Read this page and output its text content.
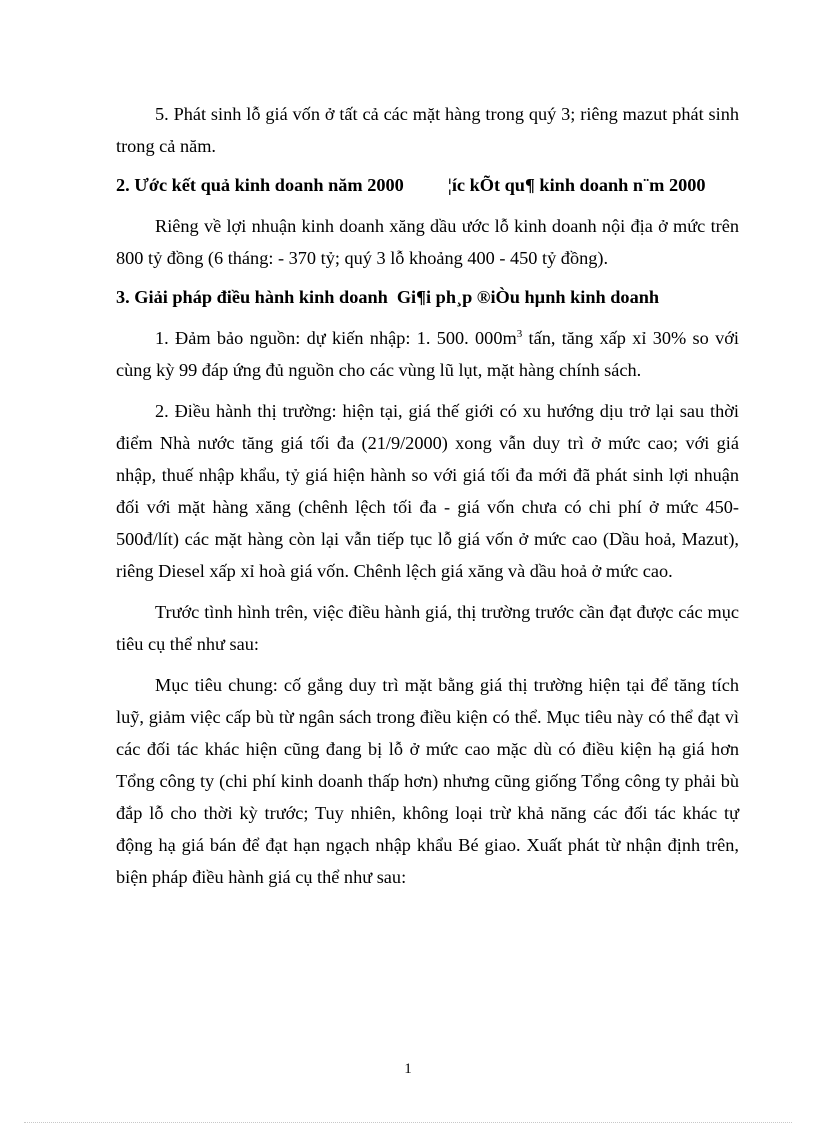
5. Phát sinh lỗ giá vốn ở tất cả các mặt hàng trong quý 3; riêng mazut phát sinh trong cả năm.

2. Ước kết quả kinh doanh năm 2000 ¦íc kÕt qu¶ kinh doanh n¨m 2000

Riêng về lợi nhuận kinh doanh xăng dầu ước lỗ kinh doanh nội địa ở mức trên 800 tỷ đồng (6 tháng: - 370 tỷ; quý 3 lỗ khoảng 400 - 450 tỷ đồng).

3. Giải pháp điều hành kinh doanh Gi¶i ph¸p ®iÒu hµnh kinh doanh

1. Đảm bảo nguồn: dự kiến nhập: 1. 500. $000m^3$ tấn, tăng xấp xỉ 30% so với cùng kỳ 99 đáp ứng đủ nguồn cho các vùng lũ lụt, mặt hàng chính sách.

2. Điều hành thị trường: hiện tại, giá thế giới có xu hướng dịu trở lại sau thời điểm Nhà nước tăng giá tối đa (21/9/2000) xong vẫn duy trì ở mức cao; với giá nhập, thuế nhập khẩu, tỷ giá hiện hành so với giá tối đa mới đã phát sinh lợi nhuận đối với mặt hàng xăng (chênh lệch tối đa - giá vốn chưa có chi phí ở mức 450-500đ/lít) các mặt hàng còn lại vẫn tiếp tục lỗ giá vốn ở mức cao (Dầu hoả, Mazut), riêng Diesel xấp xỉ hoà giá vốn. Chênh lệch giá xăng và dầu hoả ở mức cao.

Trước tình hình trên, việc điều hành giá, thị trường trước cần đạt được các mục tiêu cụ thể như sau:

Mục tiêu chung: cố gắng duy trì mặt bằng giá thị trường hiện tại để tăng tích luỹ, giảm việc cấp bù từ ngân sách trong điều kiện có thể. Mục tiêu này có thể đạt vì các đối tác khác hiện cũng đang bị lỗ ở mức cao mặc dù có điều kiện hạ giá hơn Tổng công ty (chi phí kinh doanh thấp hơn) nhưng cũng giống Tổng công ty phải bù đắp lỗ cho thời kỳ trước; Tuy nhiên, không loại trừ khả năng các đối tác khác tự động hạ giá bán để đạt hạn ngạch nhập khẩu Bé giao. Xuất phát từ nhận định trên, biện pháp điều hành giá cụ thể như sau:

1
